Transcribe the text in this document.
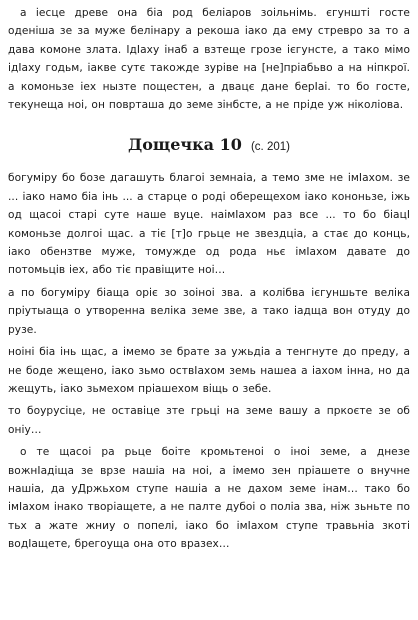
а іесце древе она біа род беліаров зоільнімь. єгуншті госте оденіша зе за муже белінару а рекоша іако да ему стревро за то а дава комоне злата. ІдІаху інаб а взтеще грозе ієгунсте, а тако мімо ідІаху годьм, іакве сутє такожде зуріве на [не]пріабьво а на ніпкрої. а комоньзе іех нызте пощестен, а двацє дане берІаі. то бо госте, текунеща ноі, он поврташа до земе зінбсте, а не пріде уж ніколіова.

Дощечка 10 (с. 201)

богуміру бо бозе дагашуть благоі земнаіа, а темо зме не імІахом. зе ... іако намо біа інь ... а старце о роді оберещехом іако кононьзе, іжь од щасоі старі суте наше вуце. наімІахом раз все ... то бо біацІ комоньзе долгоі щас. а тіє [т]о грьце не звездціа, а стає до конць, іако обензтве муже, томужде од рода ньє імІахом давате до потомьців іех, або тіє правіщите ноі…

а по богуміру біаща оріє зо зоіноі зва. а колібва ієгуншьте веліка пріутыаща о утворенна веліка земе зве, а тако іадща вон отуду до рузе.

ноіні біа інь щас, а імемо зе брате за ужьдіа а тенгнуте до преду, а не боде жещено, іако зьмо оствІахом земь нашеа а іахом інна, но да жещуть, іако зьмехом пріашехом віщь о зебе.

то боурусіце, не оставіце зте грьці на земе вашу а пркоєте зе об оніу…

о те щасоі ра рьце боіте кромьтеноі о іноі земе, а днезе вожнІадіща зе врзе нашіа на ноі, а імемо зен пріашете о внучне нашіа, да уДржьхом ступе нашіа а не дахом земе інам… тако бо імІахом інако творіащете, а не палте дубоі о поліа зва, ніж зьньте по тьх а жате жниу о попелі, іако бо імІахом ступе травьніа зкоті водІащете, брегоуща она ото вразех…
